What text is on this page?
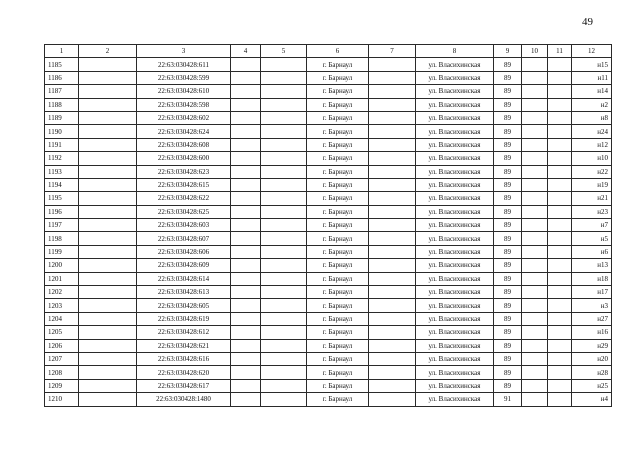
49
1	2	3	4	5	6	7	8	9	10	11	12
1185		22:63:030428:611			г. Барнаул		ул. Власихинская	89			н15
1186		22:63:030428:599			г. Барнаул		ул. Власихинская	89			н11
1187		22:63:030428:610			г. Барнаул		ул. Власихинская	89			н14
1188		22:63:030428:598			г. Барнаул		ул. Власихинская	89			н2
1189		22:63:030428:602			г. Барнаул		ул. Власихинская	89			н8
1190		22:63:030428:624			г. Барнаул		ул. Власихинская	89			н24
1191		22:63:030428:608			г. Барнаул		ул. Власихинская	89			н12
1192		22:63:030428:600			г. Барнаул		ул. Власихинская	89			н10
1193		22:63:030428:623			г. Барнаул		ул. Власихинская	89			н22
1194		22:63:030428:615			г. Барнаул		ул. Власихинская	89			н19
1195		22:63:030428:622			г. Барнаул		ул. Власихинская	89			н21
1196		22:63:030428:625			г. Барнаул		ул. Власихинская	89			н23
1197		22:63:030428:603			г. Барнаул		ул. Власихинская	89			н7
1198		22:63:030428:607			г. Барнаул		ул. Власихинская	89			н5
1199		22:63:030428:606			г. Барнаул		ул. Власихинская	89			н6
1200		22:63:030428:609			г. Барнаул		ул. Власихинская	89			н13
1201		22:63:030428:614			г. Барнаул		ул. Власихинская	89			н18
1202		22:63:030428:613			г. Барнаул		ул. Власихинская	89			н17
1203		22:63:030428:605			г. Барнаул		ул. Власихинская	89			н3
1204		22:63:030428:619			г. Барнаул		ул. Власихинская	89			н27
1205		22:63:030428:612			г. Барнаул		ул. Власихинская	89			н16
1206		22:63:030428:621			г. Барнаул		ул. Власихинская	89			н29
1207		22:63:030428:616			г. Барнаул		ул. Власихинская	89			н20
1208		22:63:030428:620			г. Барнаул		ул. Власихинская	89			н28
1209		22:63:030428:617			г. Барнаул		ул. Власихинская	89			н25
1210		22:63:030428:1480			г. Барнаул		ул. Власихинская	91			н4
